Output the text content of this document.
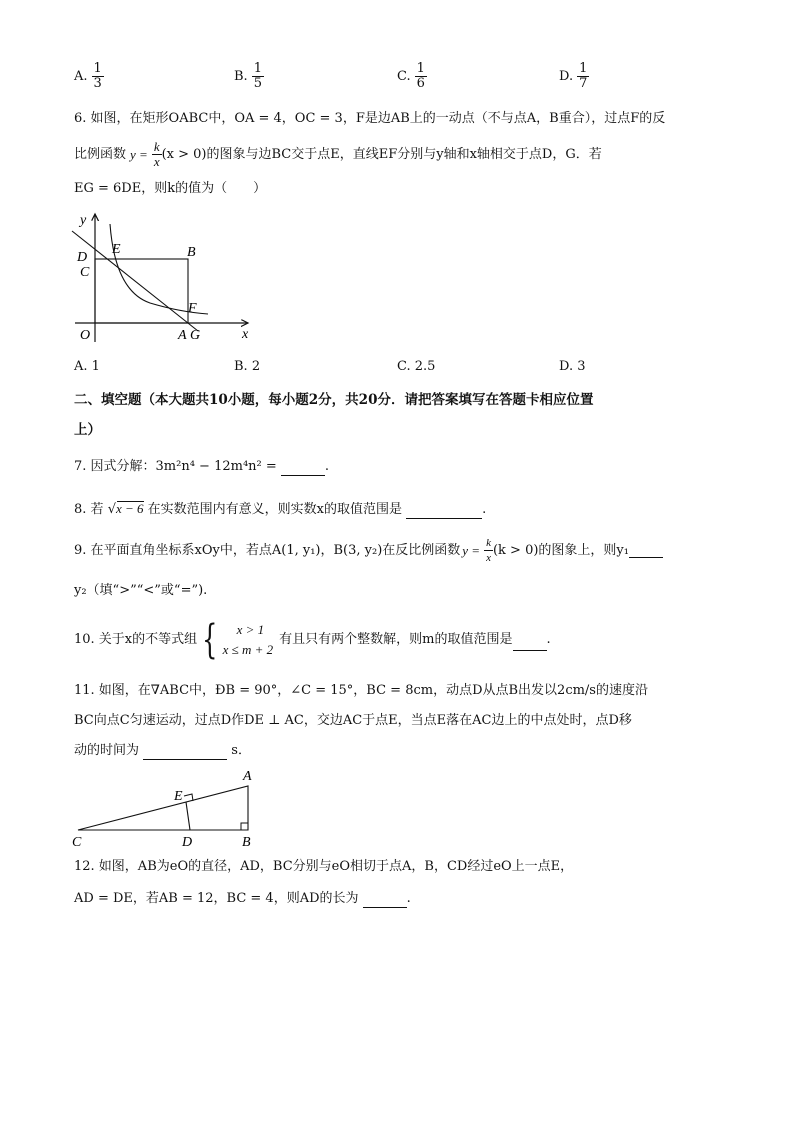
A. $\frac{1}{3}$	B. $\frac{1}{5}$	C. $\frac{1}{6}$	D. $\frac{1}{7}$
6. 如图，在矩形OABC中，OA = 4，OC = 3，F是边AB上的一动点（不与点A，B重合），过点F的反
比例函数 $y = \frac{k}{x} (x > 0)$ 的图象与边BC交于点E，直线EF分别与y轴和x轴相交于点D，G．若
EG = 6DE，则k的值为（　　）
y
x
D
E	B
C
F
O	A G
A. 1	B. 2	C. 2.5	D. 3
二、填空题（本大题共10小题，每小题2分，共20分．请把答案填写在答题卡相应位置
上）
7. 因式分解：3m²n⁴ − 12m⁴n² =	.
8. 若 √
x − 6 在实数范围内有意义，则实数x的取值范围是	.
9. 在平面直角坐标系xOy中，若点A(1, y₁)，B(3, y₂)在反比例函数 $y = \frac{k}{x} (k > 0)$ 的图象上，则y₁
y₂（填“>”“<”或“=”).
10. 关于x的不等式组 {	x > 1
x ≤ m + 2
有且只有两个整数解，则m的取值范围是	.
11. 如图，在∇ABC中，ÐB = 90°，∠C = 15°，BC = 8cm，动点D从点B出发以2cm/s的速度沿
BC向点C匀速运动，过点D作DE ⊥ AC，交边AC于点E，当点E落在AC边上的中点处时，点D移
动的时间为	s．
A
E
C	D	B
12. 如图，AB为eO的直径，AD，BC分别与eO相切于点A，B，CD经过eO上一点E，
AD = DE，若AB = 12，BC = 4，则AD的长为	.
